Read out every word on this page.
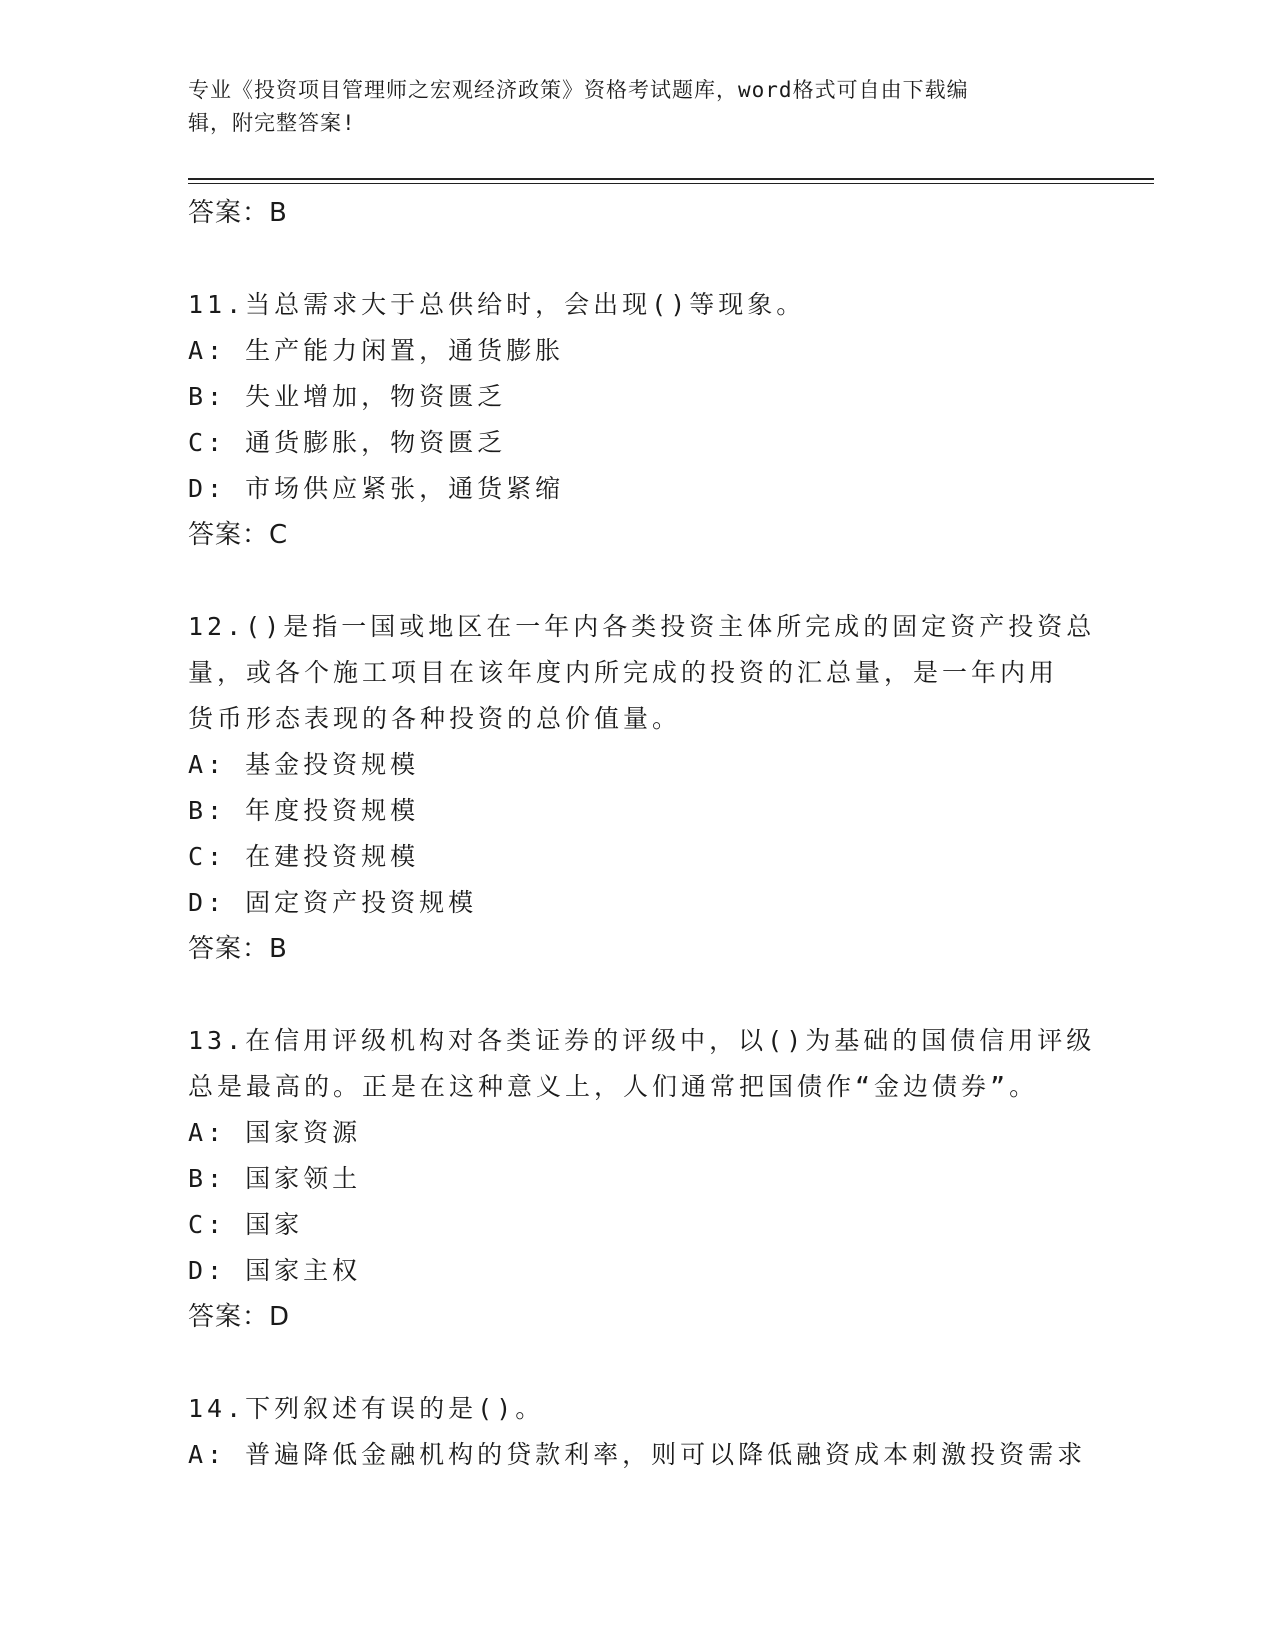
专业《投资项目管理师之宏观经济政策》资格考试题库，word格式可自由下载编
辑，附完整答案!
答案：B
11.当总需求大于总供给时，会出现()等现象。
A: 生产能力闲置，通货膨胀
B: 失业增加，物资匮乏
C: 通货膨胀，物资匮乏
D: 市场供应紧张，通货紧缩
答案：C
12.()是指一国或地区在一年内各类投资主体所完成的固定资产投资总
量，或各个施工项目在该年度内所完成的投资的汇总量，是一年内用
货币形态表现的各种投资的总价值量。
A: 基金投资规模
B: 年度投资规模
C: 在建投资规模
D: 固定资产投资规模
答案：B
13.在信用评级机构对各类证券的评级中，以()为基础的国债信用评级
总是最高的。正是在这种意义上，人们通常把国债作“金边债券”。
A: 国家资源
B: 国家领土
C: 国家
D: 国家主权
答案：D
14.下列叙述有误的是()。
A: 普遍降低金融机构的贷款利率，则可以降低融资成本刺激投资需求
